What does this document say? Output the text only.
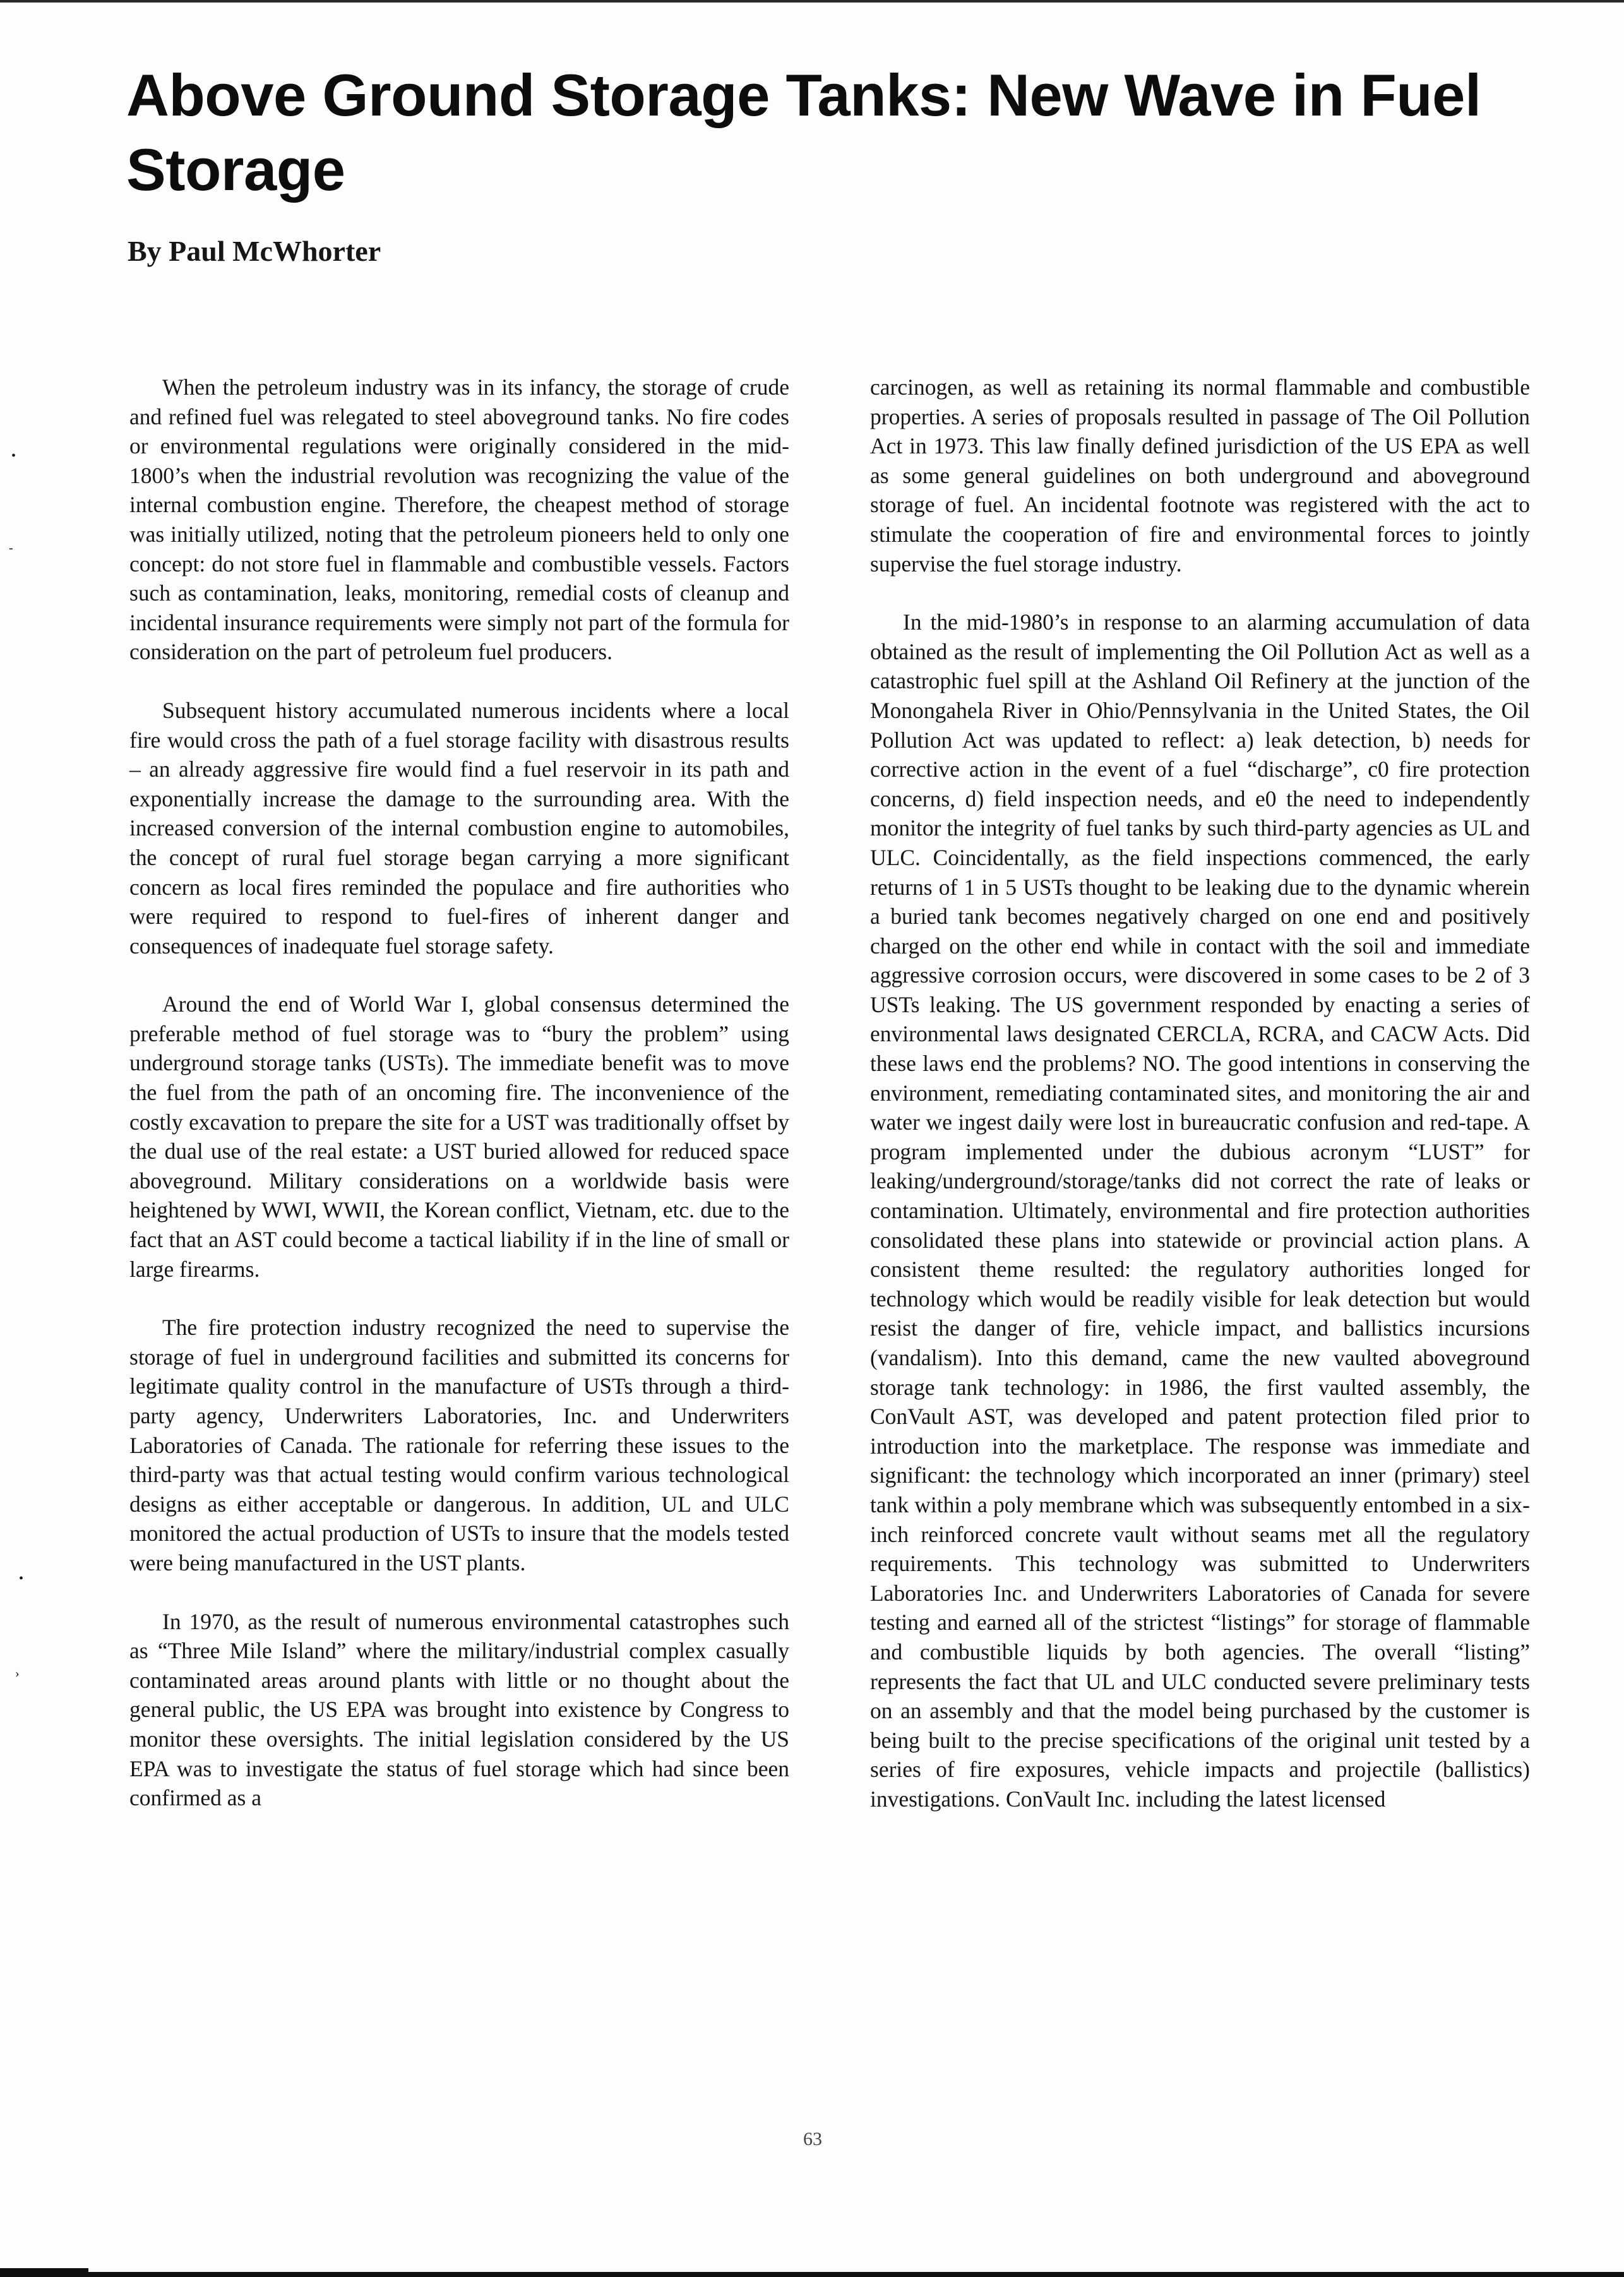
Above Ground Storage Tanks: New Wave in Fuel Storage
By Paul McWhorter
•
-
•
›

When the petroleum industry was in its infancy, the storage of crude and refined fuel was relegated to steel aboveground tanks. No fire codes or environmental regulations were originally considered in the mid-1800’s when the industrial revolution was recognizing the value of the internal combustion engine. Therefore, the cheapest method of storage was initially utilized, noting that the petroleum pioneers held to only one concept: do not store fuel in flammable and combustible vessels. Factors such as contamination, leaks, monitoring, remedial costs of cleanup and incidental insurance requirements were simply not part of the formula for consideration on the part of petroleum fuel producers.

Subsequent history accumulated numerous incidents where a local fire would cross the path of a fuel storage facility with disastrous results – an already aggressive fire would find a fuel reservoir in its path and exponentially increase the damage to the surrounding area. With the increased conversion of the internal combustion engine to automobiles, the concept of rural fuel storage began carrying a more significant concern as local fires reminded the populace and fire authorities who were required to respond to fuel-fires of inherent danger and consequences of inadequate fuel storage safety.

Around the end of World War I, global consensus determined the preferable method of fuel storage was to “bury the problem” using underground storage tanks (USTs). The immediate benefit was to move the fuel from the path of an oncoming fire. The inconvenience of the costly excavation to prepare the site for a UST was traditionally offset by the dual use of the real estate: a UST buried allowed for reduced space aboveground. Military considerations on a worldwide basis were heightened by WWI, WWII, the Korean conflict, Vietnam, etc. due to the fact that an AST could become a tactical liability if in the line of small or large firearms.

The fire protection industry recognized the need to supervise the storage of fuel in underground facilities and submitted its concerns for legitimate quality control in the manufacture of USTs through a third-party agency, Underwriters Laboratories, Inc. and Underwriters Laboratories of Canada. The rationale for referring these issues to the third-party was that actual testing would confirm various technological designs as either acceptable or dangerous. In addition, UL and ULC monitored the actual production of USTs to insure that the models tested were being manufactured in the UST plants.

In 1970, as the result of numerous environmental catastrophes such as “Three Mile Island” where the military/industrial complex casually contaminated areas around plants with little or no thought about the general public, the US EPA was brought into existence by Congress to monitor these oversights. The initial legislation considered by the US EPA was to investigate the status of fuel storage which had since been confirmed as a

carcinogen, as well as retaining its normal flammable and combustible properties. A series of proposals resulted in passage of The Oil Pollution Act in 1973. This law finally defined jurisdiction of the US EPA as well as some general guidelines on both underground and aboveground storage of fuel. An incidental footnote was registered with the act to stimulate the cooperation of fire and environmental forces to jointly supervise the fuel storage industry.

In the mid-1980’s in response to an alarming accumulation of data obtained as the result of implementing the Oil Pollution Act as well as a catastrophic fuel spill at the Ashland Oil Refinery at the junction of the Monongahela River in Ohio/Pennsylvania in the United States, the Oil Pollution Act was updated to reflect: a) leak detection, b) needs for corrective action in the event of a fuel “discharge”, c0 fire protection concerns, d) field inspection needs, and e0 the need to independently monitor the integrity of fuel tanks by such third-party agencies as UL and ULC. Coincidentally, as the field inspections commenced, the early returns of 1 in 5 USTs thought to be leaking due to the dynamic wherein a buried tank becomes negatively charged on one end and positively charged on the other end while in contact with the soil and immediate aggressive corrosion occurs, were discovered in some cases to be 2 of 3 USTs leaking. The US government responded by enacting a series of environmental laws designated CERCLA, RCRA, and CACW Acts. Did these laws end the problems? NO. The good intentions in conserving the environment, remediating contaminated sites, and monitoring the air and water we ingest daily were lost in bureaucratic confusion and red-tape. A program implemented under the dubious acronym “LUST” for leaking/underground/storage/tanks did not correct the rate of leaks or contamination. Ultimately, environmental and fire protection authorities consolidated these plans into statewide or provincial action plans. A consistent theme resulted: the regulatory authorities longed for technology which would be readily visible for leak detection but would resist the danger of fire, vehicle impact, and ballistics incursions (vandalism). Into this demand, came the new vaulted aboveground storage tank technology: in 1986, the first vaulted assembly, the ConVault AST, was developed and patent protection filed prior to introduction into the marketplace. The response was immediate and significant: the technology which incorporated an inner (primary) steel tank within a poly membrane which was subsequently entombed in a six-inch reinforced concrete vault without seams met all the regulatory requirements. This technology was submitted to Underwriters Laboratories Inc. and Underwriters Laboratories of Canada for severe testing and earned all of the strictest “listings” for storage of flammable and combustible liquids by both agencies. The overall “listing” represents the fact that UL and ULC conducted severe preliminary tests on an assembly and that the model being purchased by the customer is being built to the precise specifications of the original unit tested by a series of fire exposures, vehicle impacts and projectile (ballistics) investigations. ConVault Inc. including the latest licensed

63
